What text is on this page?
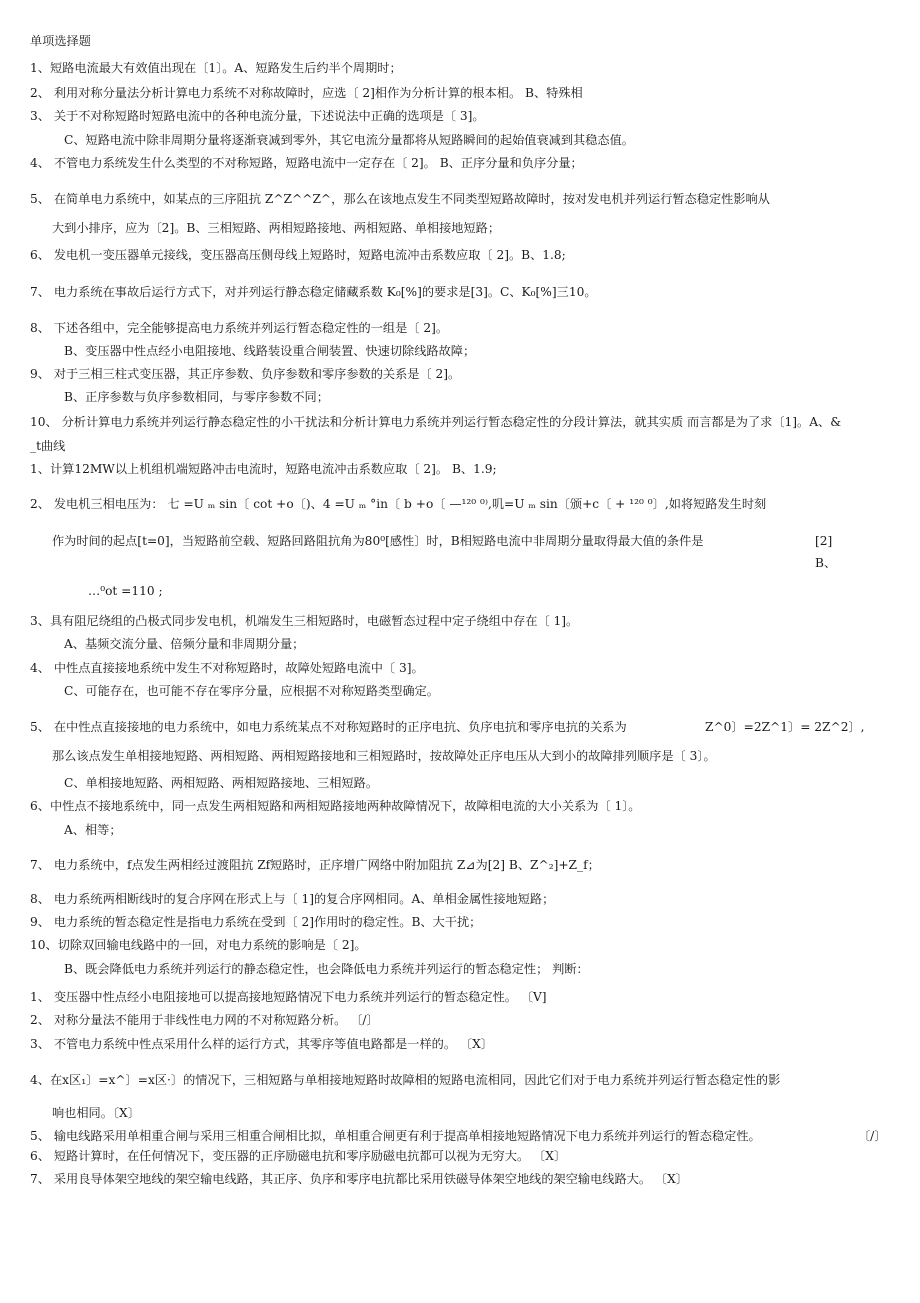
单项选择题
1、短路电流最大有效值出现在〔1〕。A、短路发生后约半个周期时；
2、 利用对称分量法分析计算电力系统不对称故障时，应选〔 2]相作为分析计算的根本相。 B、特殊相
3、 关于不对称短路时短路电流中的各种电流分量，下述说法中正确的选项是〔 3]。
C、短路电流中除非周期分量将逐渐衰减到零外，其它电流分量都将从短路瞬间的起始值衰减到其稳态值。
4、 不管电力系统发生什么类型的不对称短路，短路电流中一定存在〔 2]。 B、正序分量和负序分量；
5、 在简单电力系统中，如某点的三序阻抗 Z^Z^^Z^，那么在该地点发生不同类型短路故障时，按对发电机并列运行暂态稳定性影响从
大到小排序，应为〔2]。B、三相短路、两相短路接地、两相短路、单相接地短路；
6、 发电机一变压器单元接线，变压器高压侧母线上短路时，短路电流冲击系数应取〔 2]。B、1.8;
7、 电力系统在事故后运行方式下，对并列运行静态稳定储藏系数 K₀[%]的要求是[3]。C、K₀[%]三10。
8、 下述各组中，完全能够提高电力系统并列运行暂态稳定性的一组是〔 2]。
B、变压器中性点经小电阻接地、线路装设重合闸装置、快速切除线路故障；
9、 对于三相三柱式变压器，其正序参数、负序参数和零序参数的关系是〔 2]。
B、正序参数与负序参数相同，与零序参数不同；
10、 分析计算电力系统并列运行静态稳定性的小干扰法和分析计算电力系统并列运行暂态稳定性的分段计算法，就其实质 而言都是为了求〔1]。A、&
_t曲线
1、计算12MW以上机组机端短路冲击电流时，短路电流冲击系数应取〔 2]。 B、1.9;
2、 发电机三相电压为： 七 =U ₘ sin〔 cot +o〔)、4 =U ₘ °in〔 b +o〔 —¹²⁰ ⁰⁾,叽=U ₘ sin〔颁+c〔 + ¹²⁰ ⁰〕,如将短路发生时刻
作为时间的起点[t=0]，当短路前空载、短路回路阻抗角为80⁰[感性〕时，B相短路电流中非周期分量取得最大值的条件是	[2]
B、
…⁰ot =110 ;
3、具有阻尼绕组的凸极式同步发电机，机端发生三相短路时，电磁暂态过程中定子绕组中存在〔 1]。
A、基频交流分量、倍频分量和非周期分量；
4、 中性点直接接地系统中发生不对称短路时，故障处短路电流中〔 3]。
C、可能存在，也可能不存在零序分量，应根据不对称短路类型确定。
5、 在中性点直接接地的电力系统中，如电力系统某点不对称短路时的正序电抗、负序电抗和零序电抗的关系为	Z^0〕=2Z^1〕= 2Z^2〕,
那么该点发生单相接地短路、两相短路、两相短路接地和三相短路时，按故障处正序电压从大到小的故障排列顺序是〔 3〕。
C、单相接地短路、两相短路、两相短路接地、三相短路。
6、中性点不接地系统中，同一点发生两相短路和两相短路接地两种故障情况下，故障相电流的大小关系为〔 1〕。
A、相等；
7、 电力系统中，f点发生两相经过渡阻抗 Zf短路时，正序增广网络中附加阻抗 Z⊿为[2] B、Z^₂]+Z_f；
8、 电力系统两相断线时的复合序网在形式上与〔 1]的复合序网相同。A、单相金属性接地短路；
9、 电力系统的暂态稳定性是指电力系统在受到〔 2]作用时的稳定性。B、大干扰；
10、切除双回输电线路中的一回，对电力系统的影响是〔 2]。
B、既会降低电力系统并列运行的静态稳定性，也会降低电力系统并列运行的暂态稳定性； 判断：
1、 变压器中性点经小电阻接地可以提高接地短路情况下电力系统并列运行的暂态稳定性。 〔V]
2、 对称分量法不能用于非线性电力网的不对称短路分析。 〔/〕
3、 不管电力系统中性点采用什么样的运行方式，其零序等值电路都是一样的。 〔X〕
4、在x区₁〕=x^〕=x区·〕的情况下，三相短路与单相接地短路时故障相的短路电流相同，因此它们对于电力系统并列运行暂态稳定性的影
响也相同。〔X〕
5、 输电线路采用单相重合闸与采用三相重合闸相比拟，单相重合闸更有利于提高单相接地短路情况下电力系统并列运行的暂态稳定性。	〔/〕
6、 短路计算时，在任何情况下，变压器的正序励磁电抗和零序励磁电抗都可以视为无穷大。 〔X〕
7、 采用良导体架空地线的架空输电线路，其正序、负序和零序电抗都比采用铁磁导体架空地线的架空输电线路大。 〔X〕
